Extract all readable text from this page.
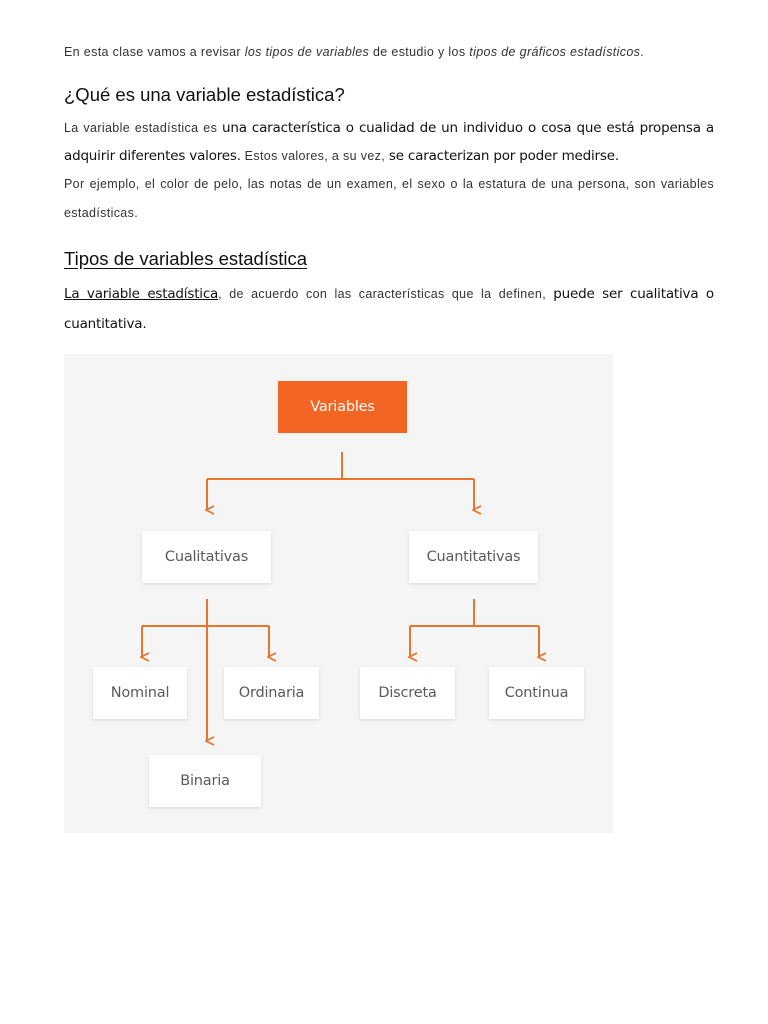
En esta clase vamos a revisar los tipos de variables de estudio y los tipos de gráficos estadísticos.
¿Qué es una variable estadística?
La variable estadística es una característica o cualidad de un individuo o cosa que está propensa a adquirir diferentes valores. Estos valores, a su vez, se caracterizan por poder medirse.
Por ejemplo, el color de pelo, las notas de un examen, el sexo o la estatura de una persona, son variables estadísticas.
Tipos de variables estadística
La variable estadística, de acuerdo con las características que la definen, puede ser cualitativa o cuantitativa.
Variables
Cualitativas	Cuantitativas
Nominal	Ordinaria	Discreta	Continua
Binaria
